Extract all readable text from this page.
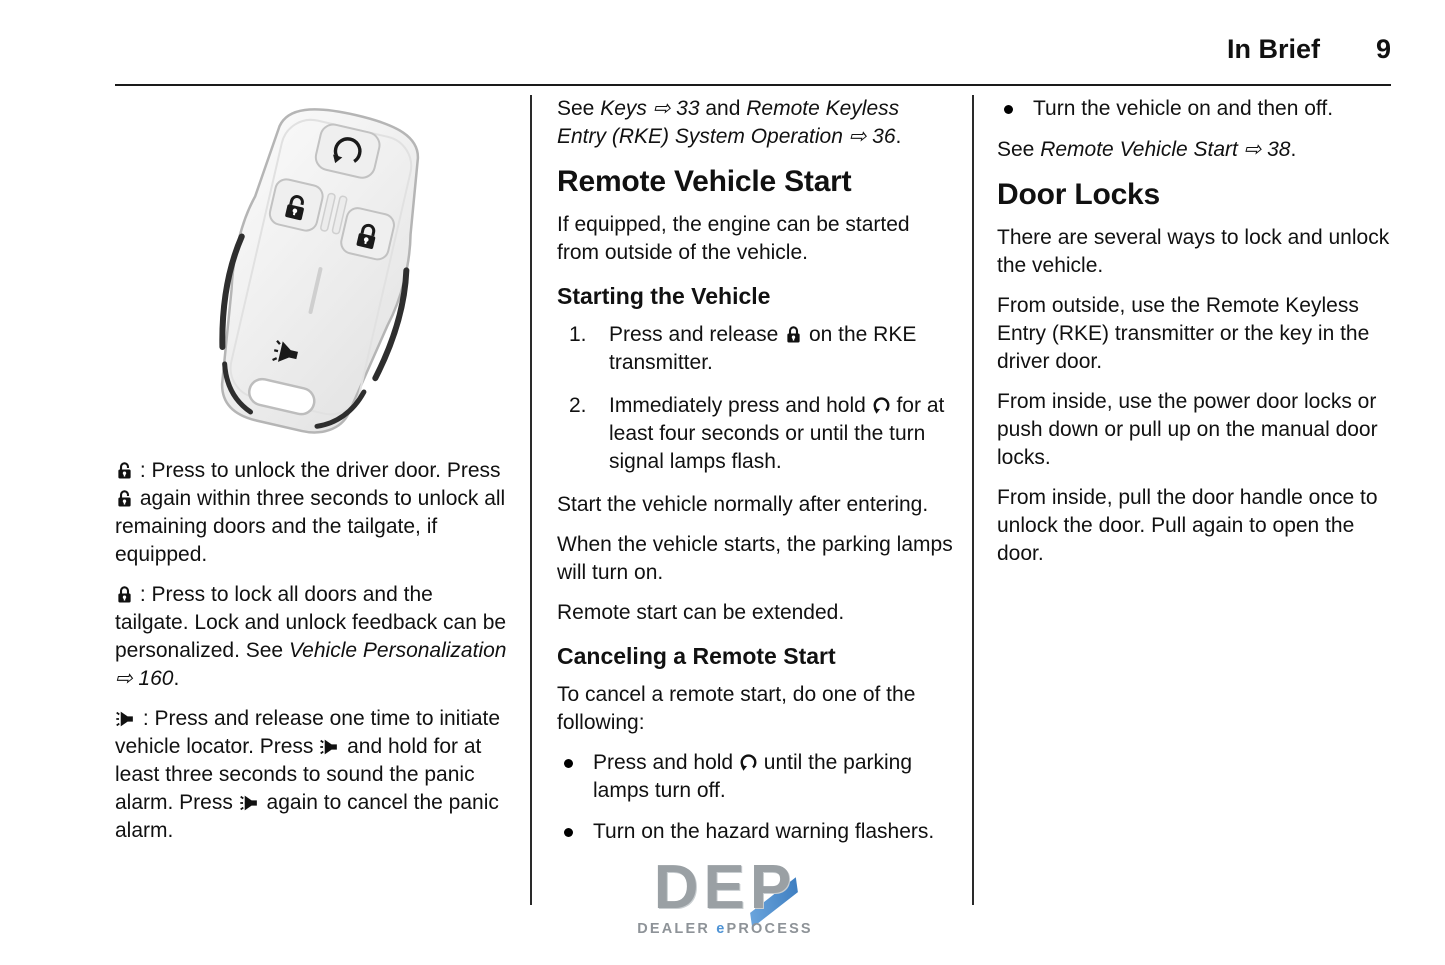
In Brief 9

: Press to unlock the driver door. Press  again within three seconds to unlock all remaining doors and the tailgate, if equipped.

: Press to lock all doors and the tailgate. Lock and unlock feedback can be personalized. See Vehicle Personalization ⇨ 160.

: Press and release one time to initiate vehicle locator. Press  and hold for at least three seconds to sound the panic alarm. Press  again to cancel the panic alarm.

See Keys ⇨ 33 and Remote Keyless Entry (RKE) System Operation ⇨ 36.

Remote Vehicle Start

If equipped, the engine can be started from outside of the vehicle.

Starting the Vehicle
1.	Press and release  on the RKE transmitter.
2.	Immediately press and hold  for at least four seconds or until the turn signal lamps flash.

Start the vehicle normally after entering.

When the vehicle starts, the parking lamps will turn on.

Remote start can be extended.

Canceling a Remote Start

To cancel a remote start, do one of the following:

Press and hold  until the parking lamps turn off.
Turn on the hazard warning flashers.
Turn the vehicle on and then off.

See Remote Vehicle Start ⇨ 38.

Door Locks

There are several ways to lock and unlock the vehicle.

From outside, use the Remote Keyless Entry (RKE) transmitter or the key in the driver door.

From inside, use the power door locks or push down or pull up on the manual door locks.

From inside, pull the door handle once to unlock the door. Pull again to open the door.

DEP
DEALER ePROCESS
